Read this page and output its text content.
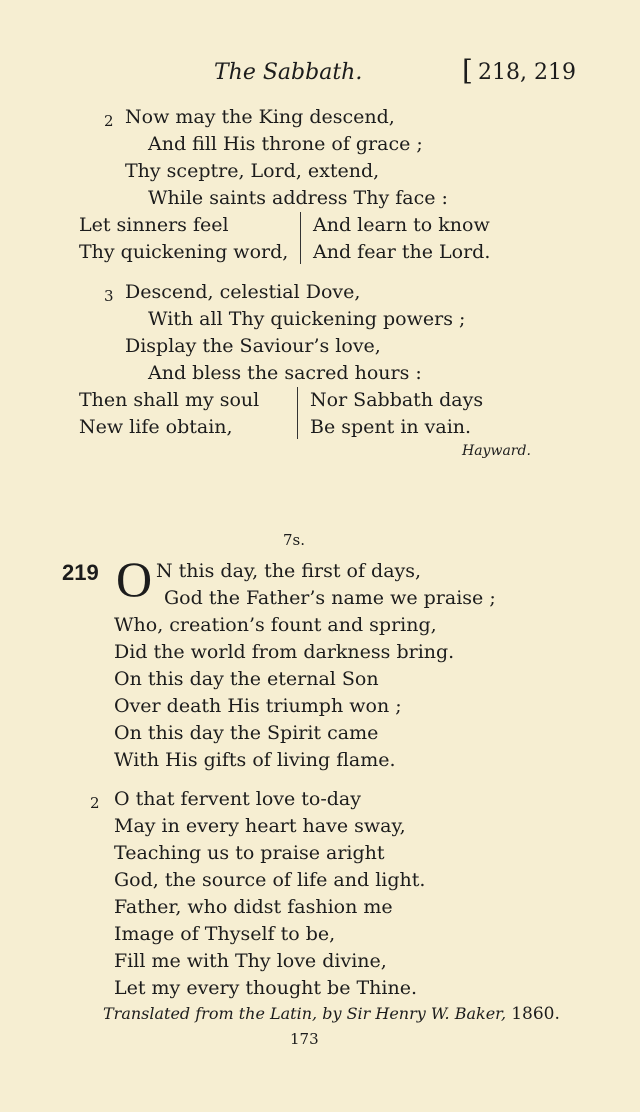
The Sabbath.	[ 218, 219
2 Now may the King descend,
And fill His throne of grace ;
Thy sceptre, Lord, extend,
While saints address Thy face :
Let sinners feel
Thy quickening word,
And learn to know
And fear the Lord.
3 Descend, celestial Dove,
With all Thy quickening powers ;
Display the Saviour’s love,
And bless the sacred hours :
Then shall my soul
New life obtain,
Nor Sabbath days
Be spent in vain.
Hayward.
7s.
219 O N this day, the first of days,
God the Father’s name we praise ;
Who, creation’s fount and spring,
Did the world from darkness bring.
On this day the eternal Son
Over death His triumph won ;
On this day the Spirit came
With His gifts of living flame.
2 O that fervent love to-day
May in every heart have sway,
Teaching us to praise aright
God, the source of life and light.
Father, who didst fashion me
Image of Thyself to be,
Fill me with Thy love divine,
Let my every thought be Thine.
Translated from the Latin, by Sir Henry W. Baker, 1860.
173
